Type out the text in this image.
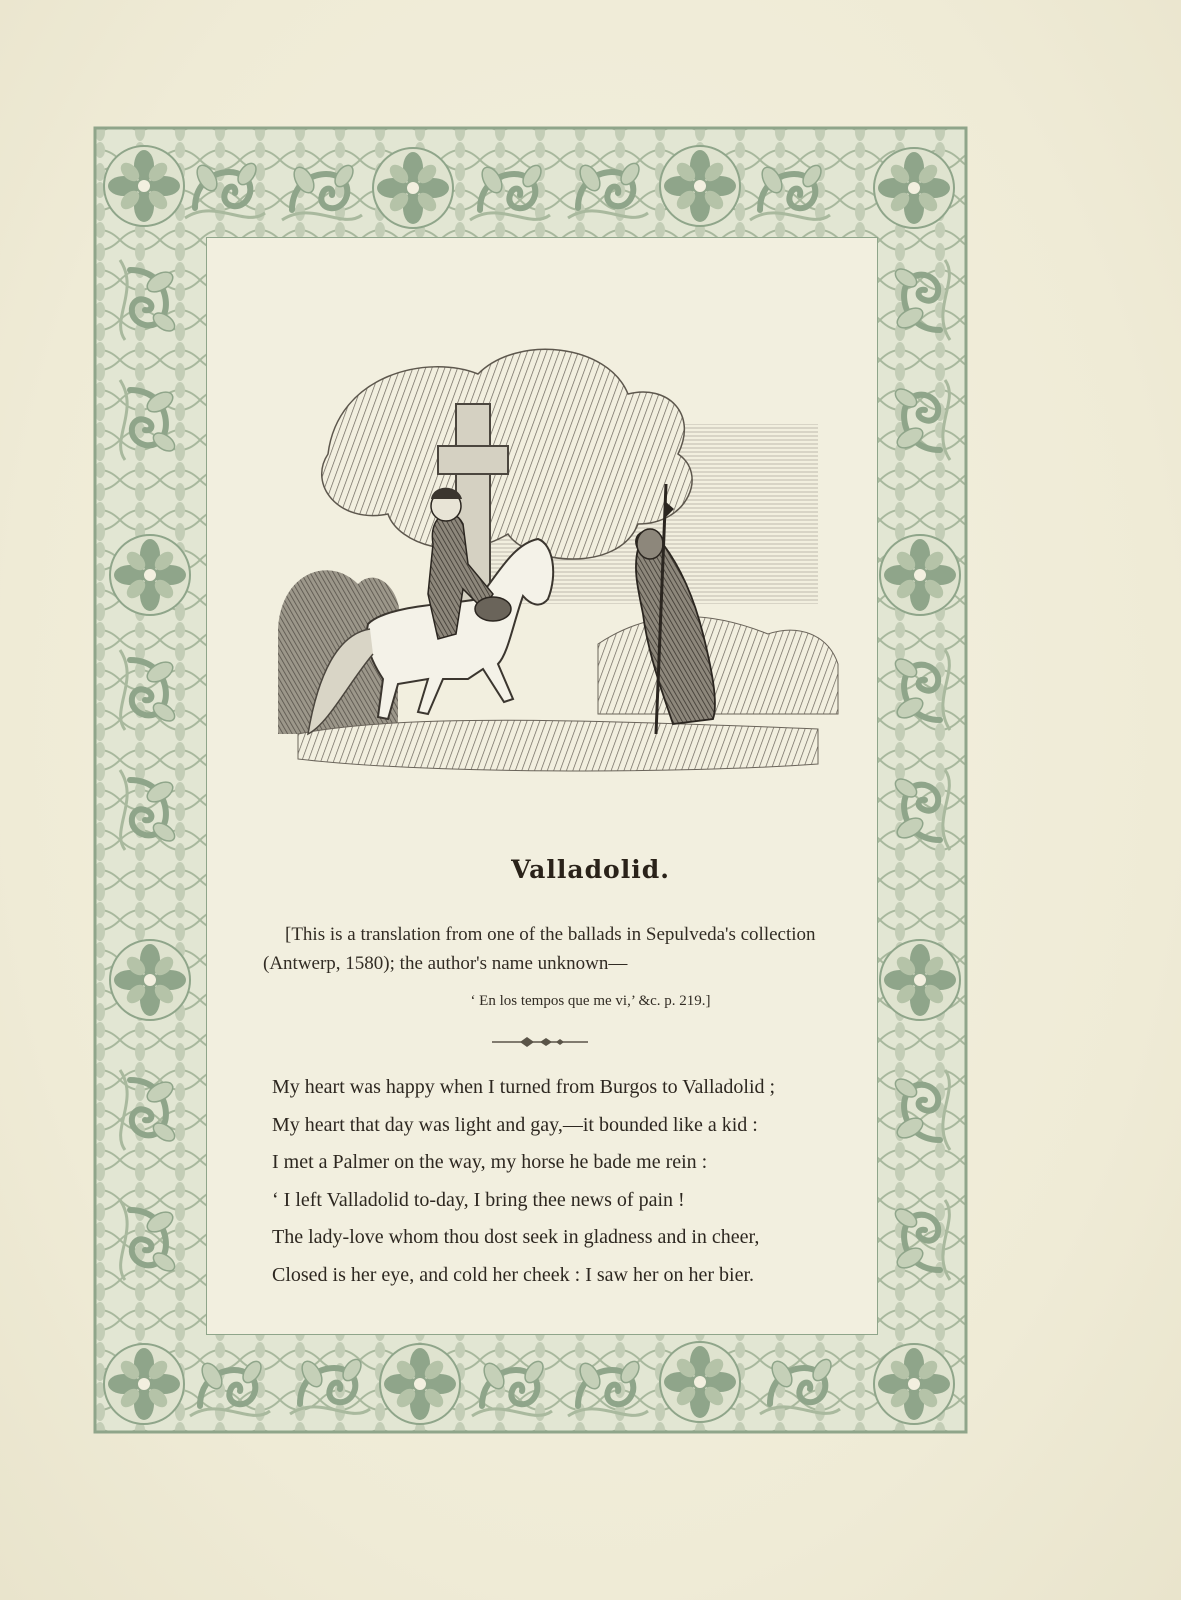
Valladolid.

[This is a translation from one of the ballads in Sepulveda's collection

(Antwerp, 1580); the author's name unknown—

‘ En los tempos que me vi,’ &c. p. 219.]
My heart was happy when I turned from Burgos to Valladolid ;
My heart that day was light and gay,—it bounded like a kid :
I met a Palmer on the way, my horse he bade me rein :
‘ I left Valladolid to-day, I bring thee news of pain !
The lady-love whom thou dost seek in gladness and in cheer,
Closed is her eye, and cold her cheek : I saw her on her bier.
